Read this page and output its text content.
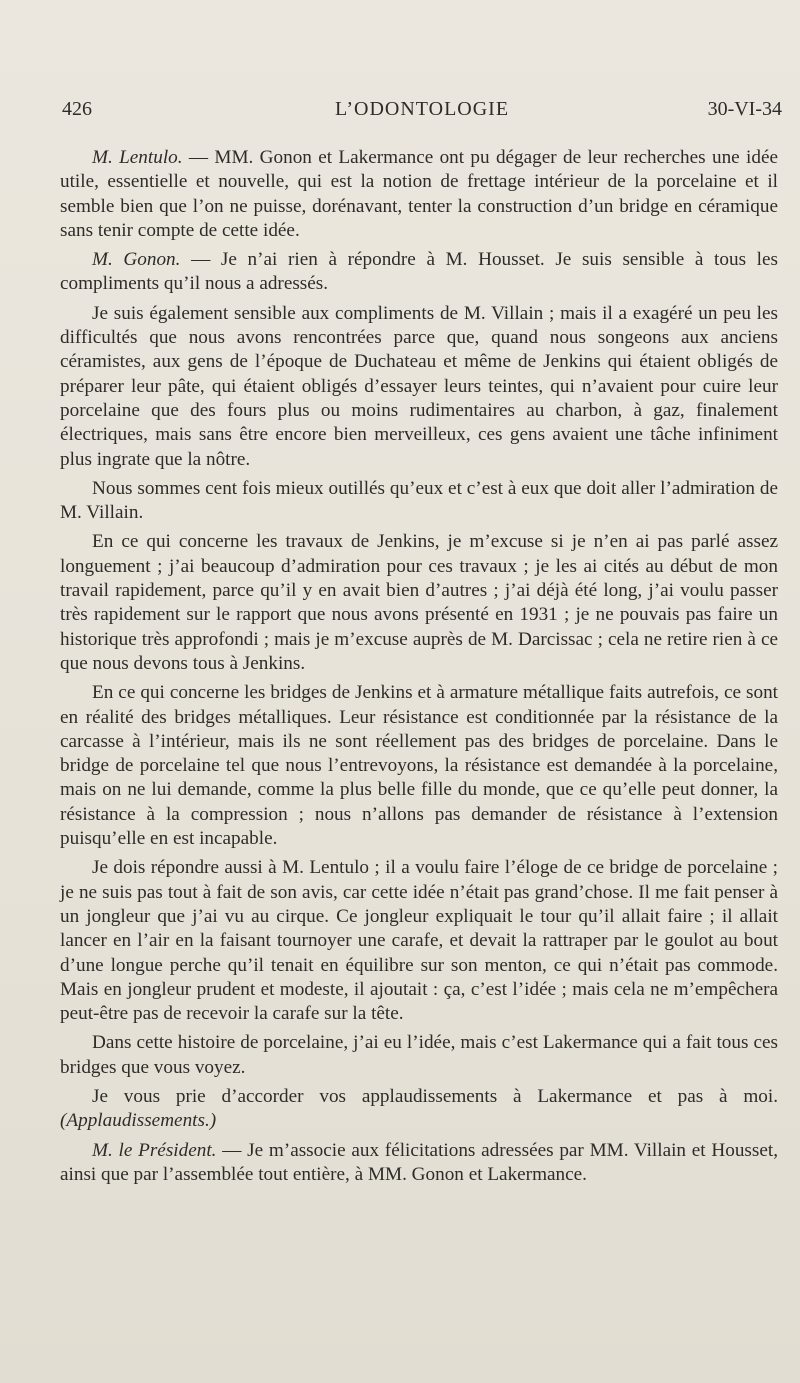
426	L’ODONTOLOGIE	30-VI-34

M. Lentulo. — MM. Gonon et Lakermance ont pu dégager de leur recherches une idée utile, essentielle et nouvelle, qui est la notion de frettage intérieur de la porcelaine et il semble bien que l’on ne puisse, dorénavant, tenter la construction d’un bridge en céramique sans tenir compte de cette idée.

M. Gonon. — Je n’ai rien à répondre à M. Housset. Je suis sensible à tous les compliments qu’il nous a adressés.

Je suis également sensible aux compliments de M. Villain ; mais il a exagéré un peu les difficultés que nous avons rencontrées parce que, quand nous songeons aux anciens céramistes, aux gens de l’époque de Duchateau et même de Jenkins qui étaient obligés de préparer leur pâte, qui étaient obligés d’essayer leurs teintes, qui n’avaient pour cuire leur porcelaine que des fours plus ou moins rudimentaires au charbon, à gaz, finalement électriques, mais sans être encore bien merveilleux, ces gens avaient une tâche infiniment plus ingrate que la nôtre.

Nous sommes cent fois mieux outillés qu’eux et c’est à eux que doit aller l’admiration de M. Villain.

En ce qui concerne les travaux de Jenkins, je m’excuse si je n’en ai pas parlé assez longuement ; j’ai beaucoup d’admiration pour ces travaux ; je les ai cités au début de mon travail rapidement, parce qu’il y en avait bien d’autres ; j’ai déjà été long, j’ai voulu passer très rapidement sur le rapport que nous avons présenté en 1931 ; je ne pouvais pas faire un historique très approfondi ; mais je m’excuse auprès de M. Darcissac ; cela ne retire rien à ce que nous devons tous à Jenkins.

En ce qui concerne les bridges de Jenkins et à armature métallique faits autrefois, ce sont en réalité des bridges métalliques. Leur résistance est conditionnée par la résistance de la carcasse à l’intérieur, mais ils ne sont réellement pas des bridges de porcelaine. Dans le bridge de porcelaine tel que nous l’entrevoyons, la résistance est demandée à la porcelaine, mais on ne lui demande, comme la plus belle fille du monde, que ce qu’elle peut donner, la résistance à la compression ; nous n’allons pas demander de résistance à l’extension puisqu’elle en est incapable.

Je dois répondre aussi à M. Lentulo ; il a voulu faire l’éloge de ce bridge de porcelaine ; je ne suis pas tout à fait de son avis, car cette idée n’était pas grand’chose. Il me fait penser à un jongleur que j’ai vu au cirque. Ce jongleur expliquait le tour qu’il allait faire ; il allait lancer en l’air en la faisant tournoyer une carafe, et devait la rattraper par le goulot au bout d’une longue perche qu’il tenait en équilibre sur son menton, ce qui n’était pas commode. Mais en jongleur prudent et modeste, il ajoutait : ça, c’est l’idée ; mais cela ne m’empêchera peut-être pas de recevoir la carafe sur la tête.

Dans cette histoire de porcelaine, j’ai eu l’idée, mais c’est Lakermance qui a fait tous ces bridges que vous voyez.

Je vous prie d’accorder vos applaudissements à Lakermance et pas à moi. (Applaudissements.)

M. le Président. — Je m’associe aux félicitations adressées par MM. Villain et Housset, ainsi que par l’assemblée tout entière, à MM. Gonon et Lakermance.
